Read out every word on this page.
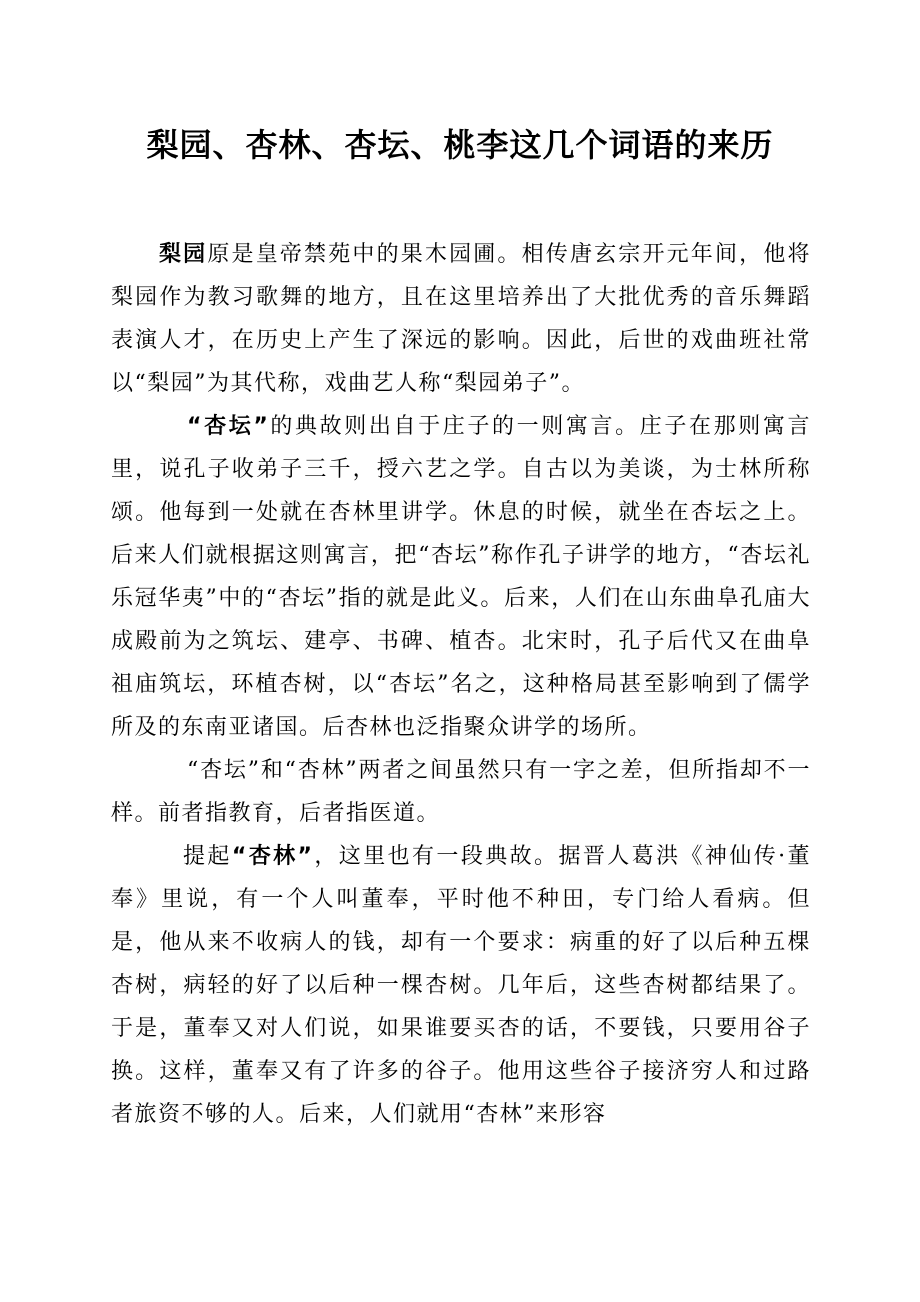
梨园、杏林、杏坛、桃李这几个词语的来历

梨园原是皇帝禁苑中的果木园圃。相传唐玄宗开元年间，他将梨园作为教习歌舞的地方，且在这里培养出了大批优秀的音乐舞蹈表演人才，在历史上产生了深远的影响。因此，后世的戏曲班社常以“梨园”为其代称，戏曲艺人称“梨园弟子”。

“杏坛”的典故则出自于庄子的一则寓言。庄子在那则寓言里，说孔子收弟子三千，授六艺之学。自古以为美谈，为士林所称颂。他每到一处就在杏林里讲学。休息的时候，就坐在杏坛之上。后来人们就根据这则寓言，把“杏坛”称作孔子讲学的地方，“杏坛礼乐冠华夷”中的“杏坛”指的就是此义。后来，人们在山东曲阜孔庙大成殿前为之筑坛、建亭、书碑、植杏。北宋时，孔子后代又在曲阜祖庙筑坛，环植杏树，以“杏坛”名之，这种格局甚至影响到了儒学所及的东南亚诸国。后杏林也泛指聚众讲学的场所。

“杏坛”和“杏林”两者之间虽然只有一字之差，但所指却不一样。前者指教育，后者指医道。

提起“杏林”，这里也有一段典故。据晋人葛洪《神仙传·董奉》里说，有一个人叫董奉，平时他不种田，专门给人看病。但是，他从来不收病人的钱，却有一个要求：病重的好了以后种五棵杏树，病轻的好了以后种一棵杏树。几年后，这些杏树都结果了。于是，董奉又对人们说，如果谁要买杏的话，不要钱，只要用谷子换。这样，董奉又有了许多的谷子。他用这些谷子接济穷人和过路者旅资不够的人。后来，人们就用“杏林”来形容
